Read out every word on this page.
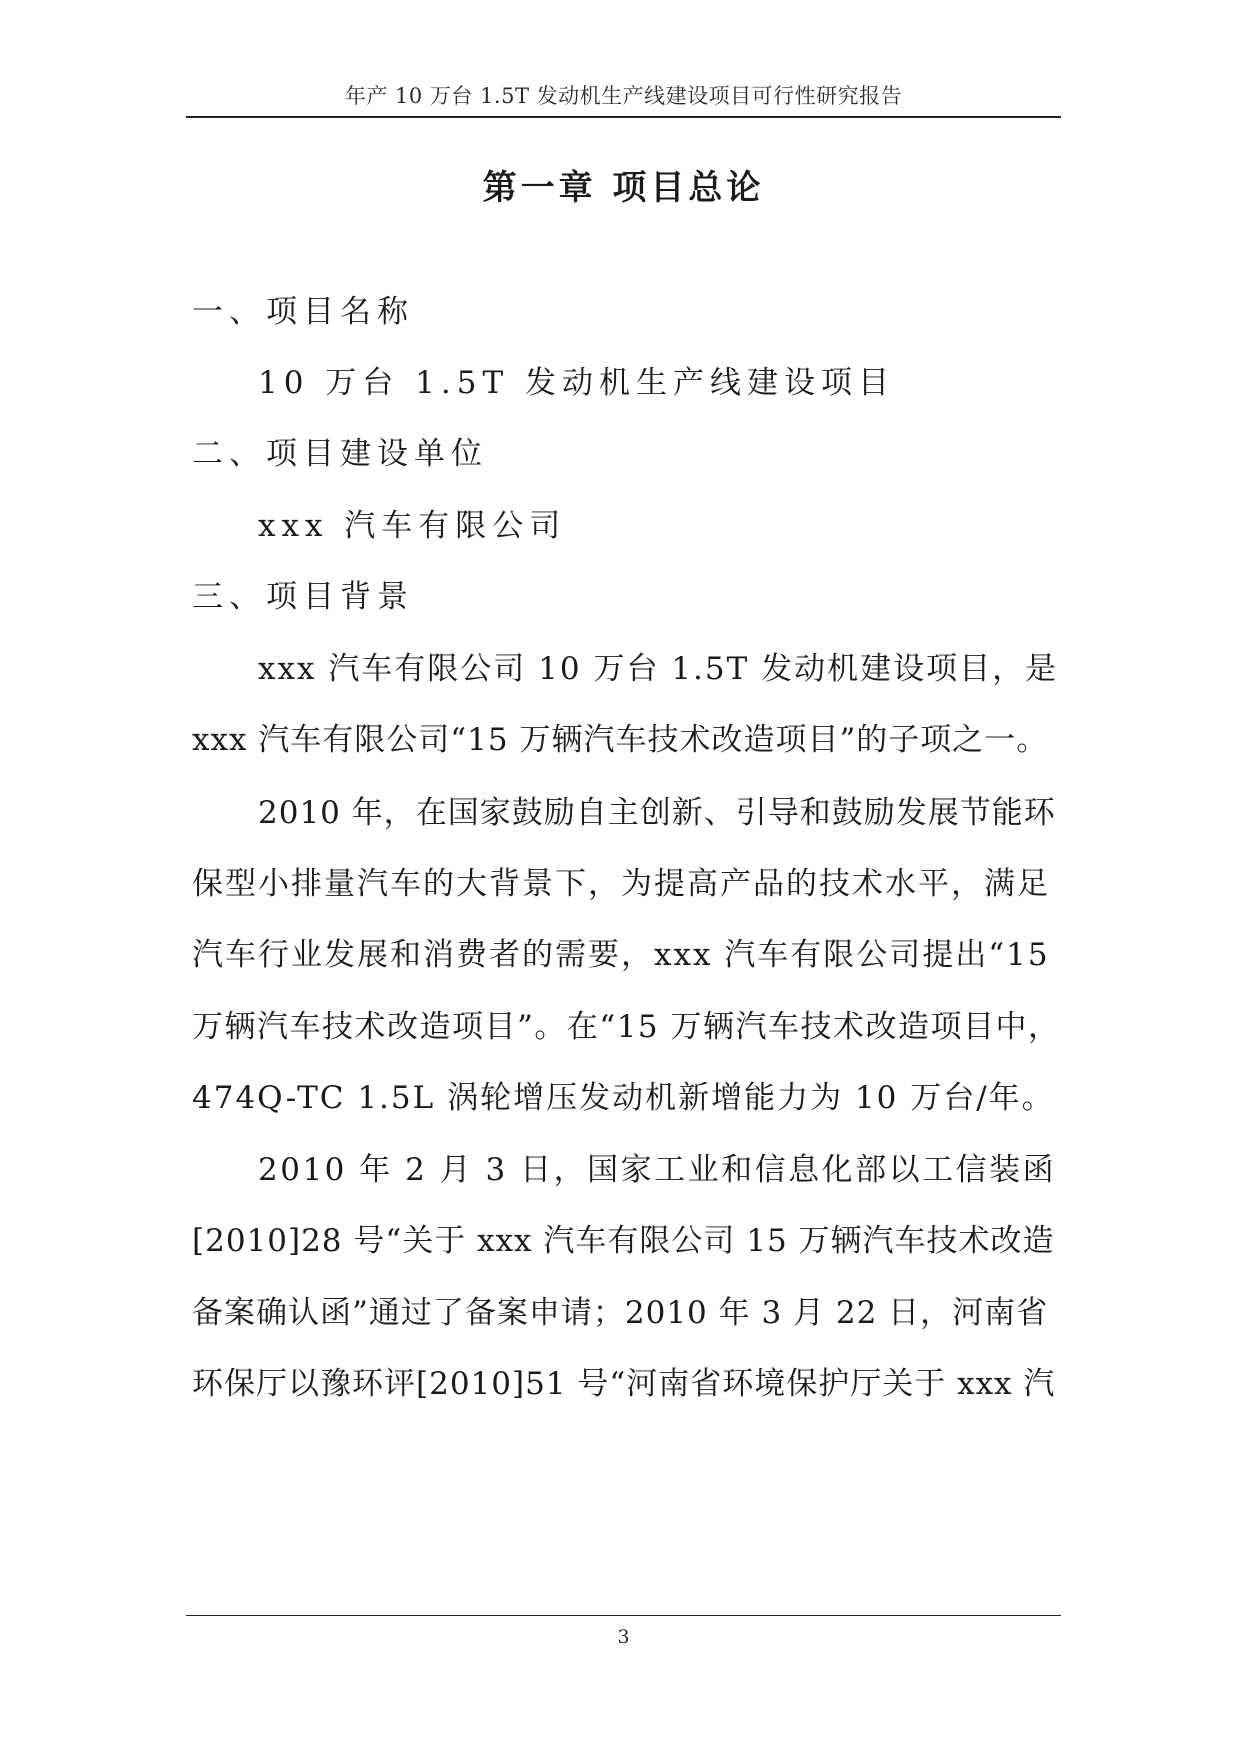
年产 10 万台 1.5T 发动机生产线建设项目可行性研究报告
第一章 项目总论
一、项目名称
10 万台 1.5T 发动机生产线建设项目
二、项目建设单位
xxx 汽车有限公司
三、项目背景
xxx 汽车有限公司 10 万台 1.5T 发动机建设项目，是
xxx 汽车有限公司“15 万辆汽车技术改造项目”的子项之一。
2010 年，在国家鼓励自主创新、引导和鼓励发展节能环
保型小排量汽车的大背景下，为提高产品的技术水平，满足
汽车行业发展和消费者的需要，xxx 汽车有限公司提出“15
万辆汽车技术改造项目”。在“15 万辆汽车技术改造项目中，
474Q-TC 1.5L 涡轮增压发动机新增能力为 10 万台/年。
2010 年 2 月 3 日，国家工业和信息化部以工信装函
[2010]28 号“关于 xxx 汽车有限公司 15 万辆汽车技术改造
备案确认函”通过了备案申请；2010 年 3 月 22 日，河南省
环保厅以豫环评[2010]51 号“河南省环境保护厅关于 xxx 汽
3
